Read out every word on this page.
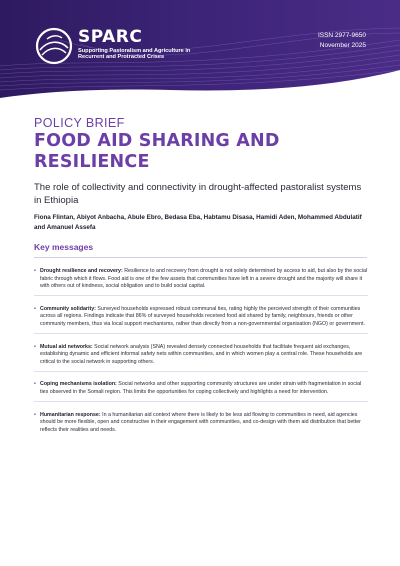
SPARC
Supporting Pastoralism and Agriculture in Recurrent and Protracted Crises
ISSN 2977-9650
November 2025
POLICY BRIEF
FOOD AID SHARING AND RESILIENCE

The role of collectivity and connectivity in drought-affected pastoralist systems in Ethiopia

Fiona Flintan, Abiyot Anbacha, Abule Ebro, Bedasa Eba, Habtamu Disasa, Hamidi Aden, Mohammed Abdulatif and Amanuel Assefa

Key messages
• Drought resilience and recovery: Resilience to and recovery from drought is not solely determined by access to aid, but also by the social fabric through which it flows. Food aid is one of the few assets that communities have left in a severe drought and the majority will share it with others out of kindness, social obligation and to build social capital.
• Community solidarity: Surveyed households expressed robust communal ties, rating highly the perceived strength of their communities across all regions. Findings indicate that 86% of surveyed households received food aid shared by family, neighbours, friends or other community members, thus via local support mechanisms, rather than directly from a non-governmental organisation (NGO) or government.
• Mutual aid networks: Social network analysis (SNA) revealed densely connected households that facilitate frequent aid exchanges, establishing dynamic and efficient informal safety nets within communities, and in which women play a central role. These households are critical to the social network in supporting others.
• Coping mechanisms isolation: Social networks and other supporting community structures are under strain with fragmentation in social ties observed in the Somali region. This limits the opportunities for coping collectively and highlights a need for intervention.
• Humanitarian response: In a humanitarian aid context where there is likely to be less aid flowing to communities in need, aid agencies should be more flexible, open and constructive in their engagement with communities, and co-design with them aid distribution that better reflects their realities and needs.
